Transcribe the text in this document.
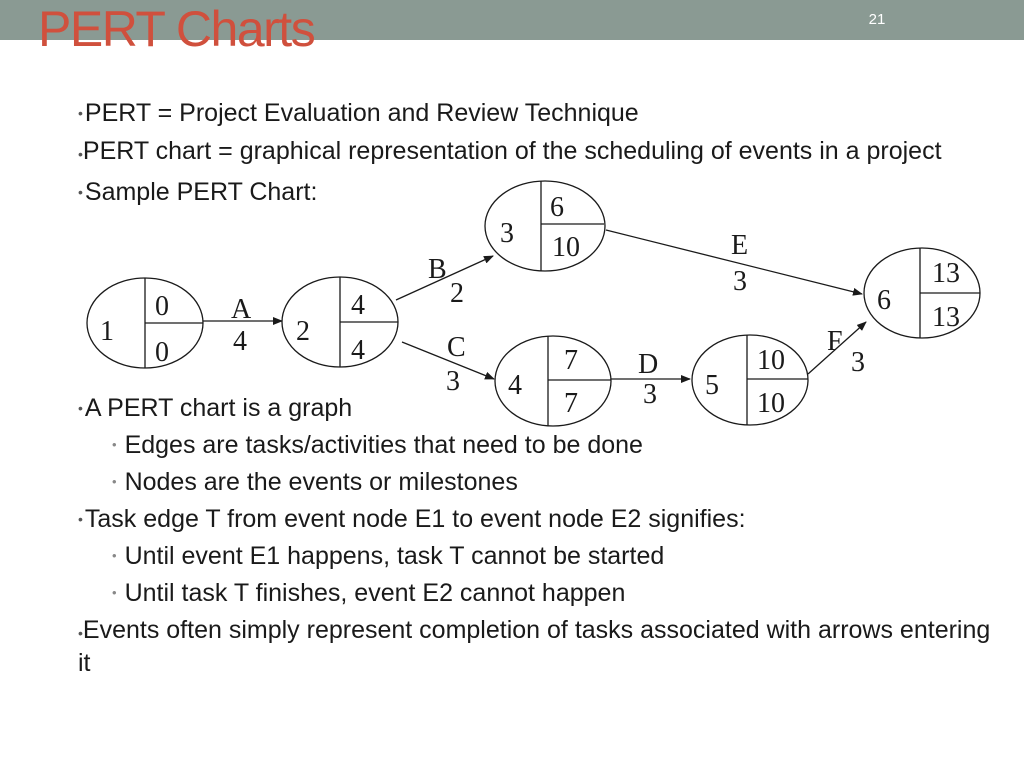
21
PERT Charts
• PERT = Project Evaluation and Review Technique
•PERT chart = graphical representation of the scheduling of events in a project
• Sample PERT Chart:
• A PERT chart is a graph
• Edges are tasks/activities that need to be done
• Nodes are the events or milestones
• Task edge T from event node E1 to event node E2 signifies:
• Until event E1 happens, task T cannot be started
• Until task T finishes, event E2 cannot happen
•Events often simply represent completion of tasks associated with arrows entering it
A
4
B
2
C
3
D
3
E
3
F
3
1
0
0
2
4
4
3
6
10
4
7
7
5
10
10
6
13
13
